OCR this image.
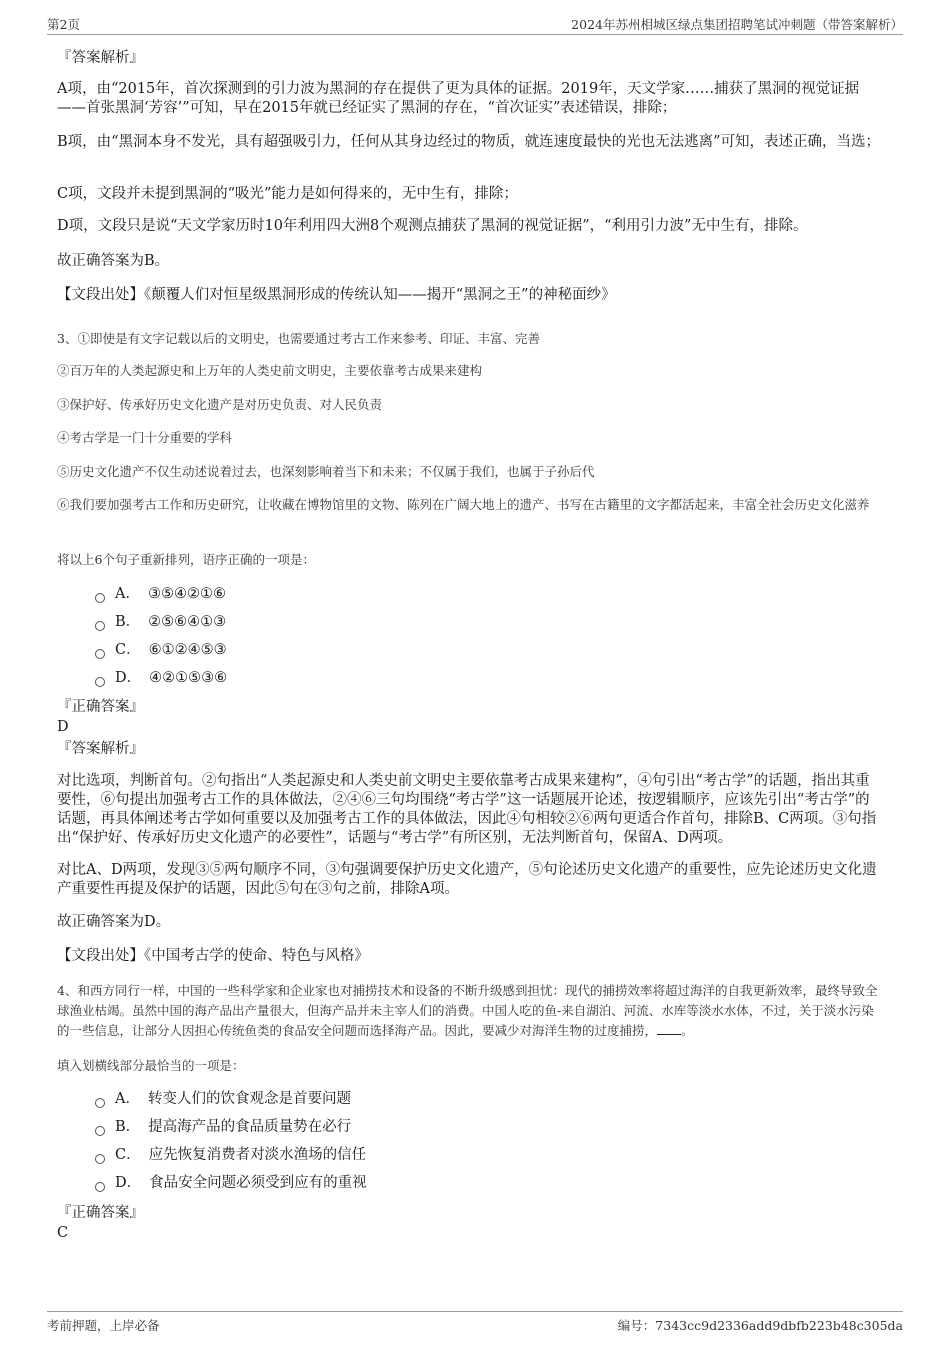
第2页	2024年苏州相城区绿点集团招聘笔试冲刺题（带答案解析）
『答案解析』
A项，由“2015年，首次探测到的引力波为黑洞的存在提供了更为具体的证据。2019年，天文学家……捕获了黑洞的视觉证据——首张黑洞‘芳容’”可知，早在2015年就已经证实了黑洞的存在，“首次证实”表述错误，排除；
B项，由“黑洞本身不发光，具有超强吸引力，任何从其身边经过的物质，就连速度最快的光也无法逃离”可知，表述正确，当选；
C项，文段并未提到黑洞的“吸光”能力是如何得来的，无中生有，排除；
D项，文段只是说“天文学家历时10年利用四大洲8个观测点捕获了黑洞的视觉证据”，“利用引力波”无中生有，排除。
故正确答案为B。
【文段出处】《颠覆人们对恒星级黑洞形成的传统认知——揭开“黑洞之王”的神秘面纱》
3、①即使是有文字记载以后的文明史，也需要通过考古工作来参考、印证、丰富、完善
②百万年的人类起源史和上万年的人类史前文明史，主要依靠考古成果来建构
③保护好、传承好历史文化遗产是对历史负责、对人民负责
④考古学是一门十分重要的学科
⑤历史文化遗产不仅生动述说着过去，也深刻影响着当下和未来；不仅属于我们，也属于子孙后代
⑥我们要加强考古工作和历史研究，让收藏在博物馆里的文物、陈列在广阔大地上的遗产、书写在古籍里的文字都活起来，丰富全社会历史文化滋养
将以上6个句子重新排列，语序正确的一项是：
A． ③⑤④②①⑥
B． ②⑤⑥④①③
C． ⑥①②④⑤③
D． ④②①⑤③⑥
『正确答案』
D
『答案解析』
对比选项，判断首句。②句指出“人类起源史和人类史前文明史主要依靠考古成果来建构”，④句引出“考古学”的话题，指出其重要性，⑥句提出加强考古工作的具体做法，②④⑥三句均围绕“考古学”这一话题展开论述，按逻辑顺序，应该先引出“考古学”的话题，再具体阐述考古学如何重要以及加强考古工作的具体做法，因此④句相较②⑥两句更适合作首句，排除B、C两项。③句指出“保护好、传承好历史文化遗产的必要性”，话题与“考古学”有所区别，无法判断首句，保留A、D两项。
对比A、D两项，发现③⑤两句顺序不同，③句强调要保护历史文化遗产，⑤句论述历史文化遗产的重要性，应先论述历史文化遗产重要性再提及保护的话题，因此⑤句在③句之前，排除A项。
故正确答案为D。
【文段出处】《中国考古学的使命、特色与风格》
4、和西方同行一样，中国的一些科学家和企业家也对捕捞技术和设备的不断升级感到担忧：现代的捕捞效率将超过海洋的自我更新效率，最终导致全球渔业枯竭。虽然中国的海产品出产量很大，但海产品并未主宰人们的消费。中国人吃的鱼-来自湖泊、河流、水库等淡水水体，不过，关于淡水污染的一些信息，让部分人因担心传统鱼类的食品安全问题而选择海产品。因此，要减少对海洋生物的过度捕捞， 。
填入划横线部分最恰当的一项是：
A． 转变人们的饮食观念是首要问题
B． 提高海产品的食品质量势在必行
C． 应先恢复消费者对淡水渔场的信任
D． 食品安全问题必须受到应有的重视
『正确答案』
C
考前押题，上岸必备	编号：7343cc9d2336add9dbfb223b48c305da
